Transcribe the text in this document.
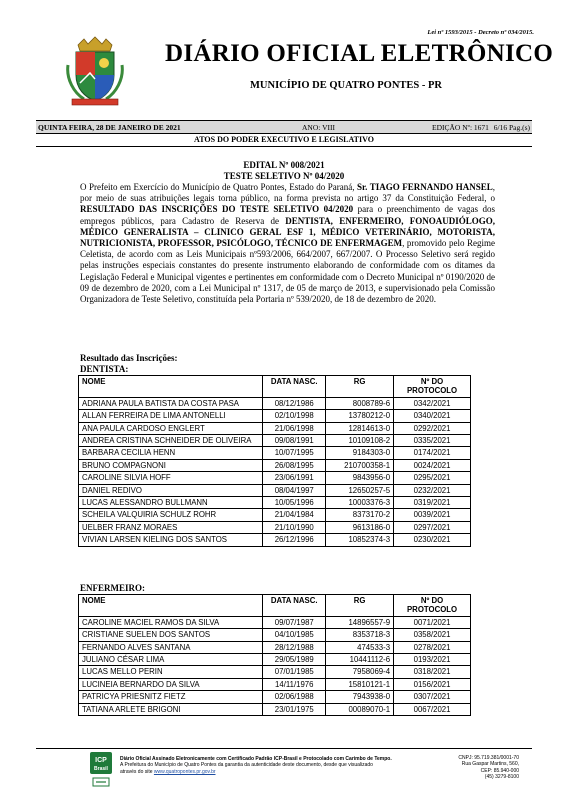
Lei nº 1593/2015 - Decreto nº 034/2015.
DIÁRIO OFICIAL ELETRÔNICO
MUNICÍPIO DE QUATRO PONTES - PR
QUINTA FEIRA, 28 DE JANEIRO DE 2021	ANO: VIII	EDIÇÃO Nº: 1671 6/16 Pag.(s)
ATOS DO PODER EXECUTIVO E LEGISLATIVO
EDITAL Nº 008/2021
TESTE SELETIVO Nº 04/2020
O Prefeito em Exercício do Município de Quatro Pontes, Estado do Paraná, Sr. TIAGO FERNANDO HANSEL, por meio de suas atribuições legais torna público, na forma prevista no artigo 37 da Constituição Federal, o RESULTADO DAS INSCRIÇÕES DO TESTE SELETIVO 04/2020 para o preenchimento de vagas dos empregos públicos, para Cadastro de Reserva de DENTISTA, ENFERMEIRO, FONOAUDIÓLOGO, MÉDICO GENERALISTA – CLINICO GERAL ESF 1, MÉDICO VETERINÁRIO, MOTORISTA, NUTRICIONISTA, PROFESSOR, PSICÓLOGO, TÉCNICO DE ENFERMAGEM, promovido pelo Regime Celetista, de acordo com as Leis Municipais nº593/2006, 664/2007, 667/2007. O Processo Seletivo será regido pelas instruções especiais constantes do presente instrumento elaborando de conformidade com os ditames da Legislação Federal e Municipal vigentes e pertinentes em conformidade com o Decreto Municipal nº 0190/2020 de 09 de dezembro de 2020, com a Lei Municipal nº 1317, de 05 de março de 2013, e supervisionado pela Comissão Organizadora de Teste Seletivo, constituída pela Portaria nº 539/2020, de 18 de dezembro de 2020.
Resultado das Inscrições:
DENTISTA:
NOME	DATA NASC.	RG	Nº DO PROTOCOLO
ADRIANA PAULA BATISTA DA COSTA PASA	08/12/1986	8008789-6	0342/2021
ALLAN FERREIRA DE LIMA ANTONELLI	02/10/1998	13780212-0	0340/2021
ANA PAULA CARDOSO ENGLERT	21/06/1998	12814613-0	0292/2021
ANDREA CRISTINA SCHNEIDER DE OLIVEIRA	09/08/1991	10109108-2	0335/2021
BARBARA CECILIA HENN	10/07/1995	9184303-0	0174/2021
BRUNO COMPAGNONI	26/08/1995	210700358-1	0024/2021
CAROLINE SILVIA HOFF	23/06/1991	9843956-0	0295/2021
DANIEL REDIVO	08/04/1997	12650257-5	0232/2021
LUCAS ALESSANDRO BULLMANN	10/05/1996	10003376-3	0319/2021
SCHEILA VALQUIRIA SCHULZ ROHR	21/04/1984	8373170-2	0039/2021
UELBER FRANZ MORAES	21/10/1990	9613186-0	0297/2021
VIVIAN LARSEN KIELING DOS SANTOS	26/12/1996	10852374-3	0230/2021
ENFERMEIRO:
NOME	DATA NASC.	RG	Nº DO PROTOCOLO
CAROLINE MACIEL RAMOS DA SILVA	09/07/1987	14896557-9	0071/2021
CRISTIANE SUELEN DOS SANTOS	04/10/1985	8353718-3	0358/2021
FERNANDO ALVES SANTANA	28/12/1988	474533-3	0278/2021
JULIANO CÉSAR LIMA	29/05/1989	10441112-6	0193/2021
LUCAS MELLO PERIN	07/01/1985	7958069-4	0318/2021
LUCINEIA BERNARDO DA SILVA	14/11/1976	15810121-1	0156/2021
PATRICYA PRIESNITZ FIETZ	02/06/1988	7943938-0	0307/2021
TATIANA ARLETE BRIGONI	23/01/1975	00089070-1	0067/2021
ICP
Brasil
Diário Oficial Assinado Eletronicamente com Certificado Padrão ICP-Brasil e Protocolado com Carimbo de Tempo.
A Prefeitura do Município de Quatro Pontes da garantia da autenticidade deste documento, desde que visualizado
através do site www.quatropontes.pr.gov.br
CNPJ: 95.719.381/0001-70
Rua Gaspar Martins, 560,
CEP: 85.940-000
(45) 3279-8100
